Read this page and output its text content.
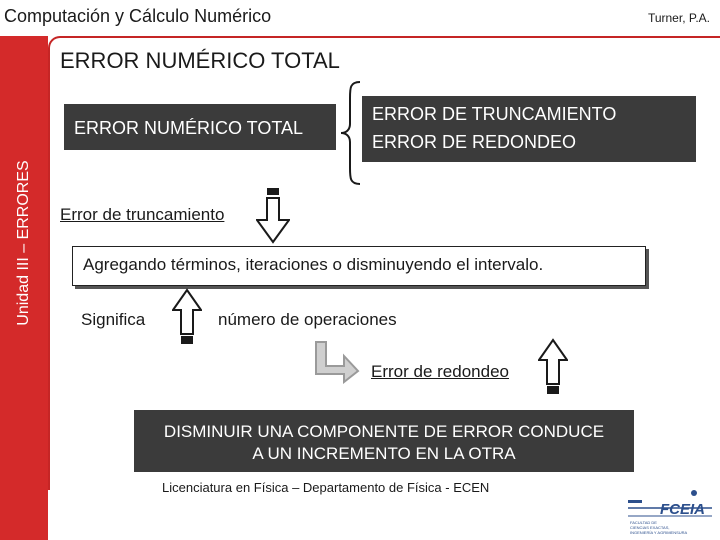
Computación y Cálculo Numérico	Turner, P.A.
Unidad III – ERRORES
ERROR NUMÉRICO TOTAL
ERROR NUMÉRICO TOTAL
ERROR DE TRUNCAMIENTO
ERROR DE REDONDEO
Error de truncamiento
Agregando términos, iteraciones o disminuyendo el intervalo.
Significa	número de operaciones
Error de redondeo
DISMINUIR UNA COMPONENTE DE ERROR CONDUCE
A UN INCREMENTO EN LA OTRA
Licenciatura en Física – Departamento de Física - ECEN
FCEIA
FACULTAD DE
CIENCIAS EXACTAS,
INGENIERÍA Y AGRIMENSURA
